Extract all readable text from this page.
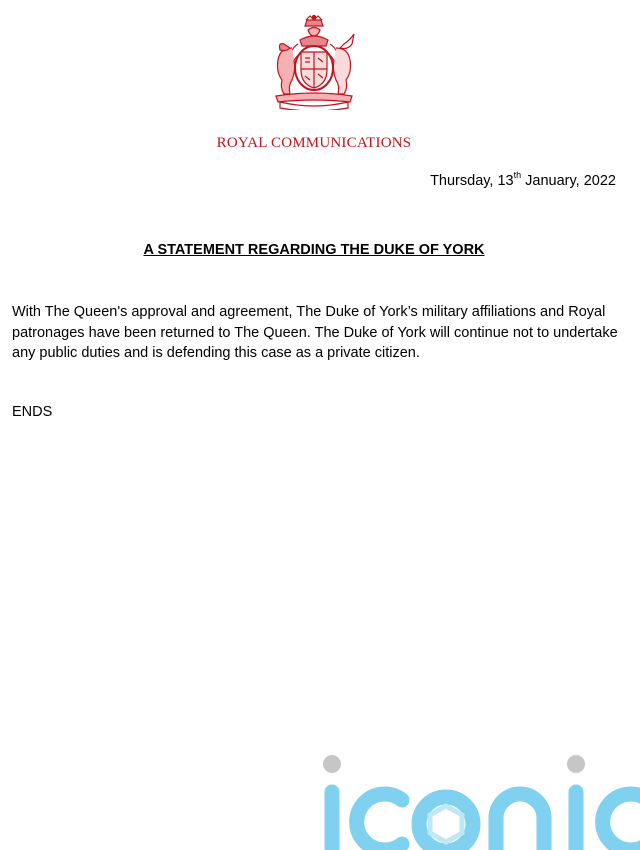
ROYAL COMMUNICATIONS
Thursday, 13th January, 2022
A STATEMENT REGARDING THE DUKE OF YORK

With The Queen's approval and agreement, The Duke of York’s military affiliations and Royal patronages have been returned to The Queen. The Duke of York will continue not to undertake any public duties and is defending this case as a private citizen.

ENDS
